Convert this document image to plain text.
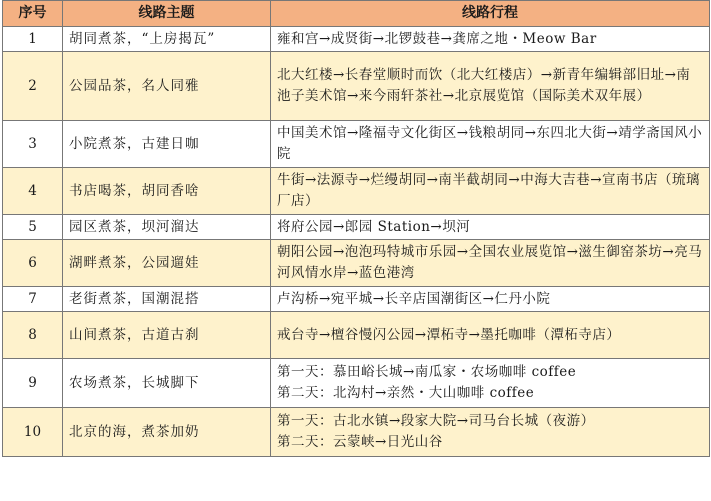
序号	线路主题	线路行程
1	胡同煮茶，“上房揭瓦”	雍和宫→成贤街→北锣鼓巷→龚席之地・Meow Bar

2	公园品茶，名人同雅	北大红楼→长春堂顺时而饮（北大红楼店）→新青年编辑部旧址→南池子美术馆→来今雨轩茶社→北京展览馆（国际美术双年展）

3	小院煮茶，古建日咖	中国美术馆→隆福寺文化街区→钱粮胡同→东四北大街→靖学斋国风小院

4	书店喝茶，胡同香啥	牛街→法源寺→烂缦胡同→南半截胡同→中海大吉巷→宣南书店（琉璃厂店）

5	园区煮茶，坝河溜达	将府公园→郎园 Station→坝河

6	湖畔煮茶，公园遛娃	朝阳公园→泡泡玛特城市乐园→全国农业展览馆→滋生御窑茶坊→亮马河风情水岸→蓝色港湾

7	老街煮茶，国潮混搭	卢沟桥→宛平城→长辛店国潮街区→仁丹小院

8	山间煮茶，古道古刹	戒台寺→檀谷慢闪公园→潭柘寺→墨托咖啡（潭柘寺店）

9	农场煮茶，长城脚下	第一天：慕田峪长城→南瓜家・农场咖啡 coffee
第二天：北沟村→亲然・大山咖啡 coffee

10	北京的海，煮茶加奶	第一天：古北水镇→段家大院→司马台长城（夜游）
第二天：云蒙峡→日光山谷
